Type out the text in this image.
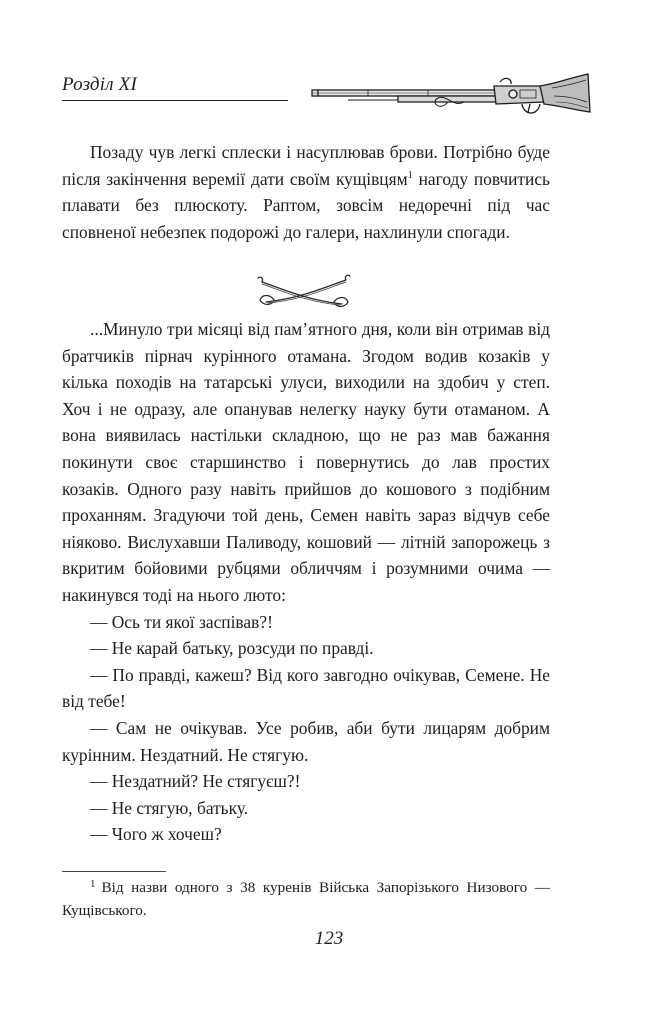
Розділ XI

Позаду чув легкі сплески і насуплював брови. Потрібно буде після закінчення веремії дати своїм кущівцям$^1$ нагоду повчитись плавати без плюскоту. Раптом, зовсім недоречні під час сповненої небезпек подорожі до галери, нахлинули спогади.

...Минуло три місяці від пам’ятного дня, коли він отримав від братчиків пірнач курінного отамана. Згодом водив козаків у кілька походів на татарські улуси, виходили на здобич у степ. Хоч і не одразу, але опанував нелегку науку бути отаманом. А вона виявилась настільки складною, що не раз мав бажання покинути своє старшинство і повернутись до лав простих козаків. Одного разу навіть прийшов до кошового з подібним проханням. Згадуючи той день, Семен навіть зараз відчув себе ніяково. Вислухавши Паливоду, кошовий — літній запорожець з вкритим бойовими рубцями обличчям і розумними очима — накинувся тоді на нього люто:

— Ось ти якої заспівав?!

— Не карай батьку, розсуди по правді.

— По правді, кажеш? Від кого завгодно очікував, Семене. Не від тебе!

— Сам не очікував. Усе робив, аби бути лицарям добрим курінним. Нездатний. Не стягую.

— Нездатний? Не стягуєш?!

— Не стягую, батьку.

— Чого ж хочеш?

$^1$ Від назви одного з 38 куренів Війська Запорізького Низового — Кущівського.

123
